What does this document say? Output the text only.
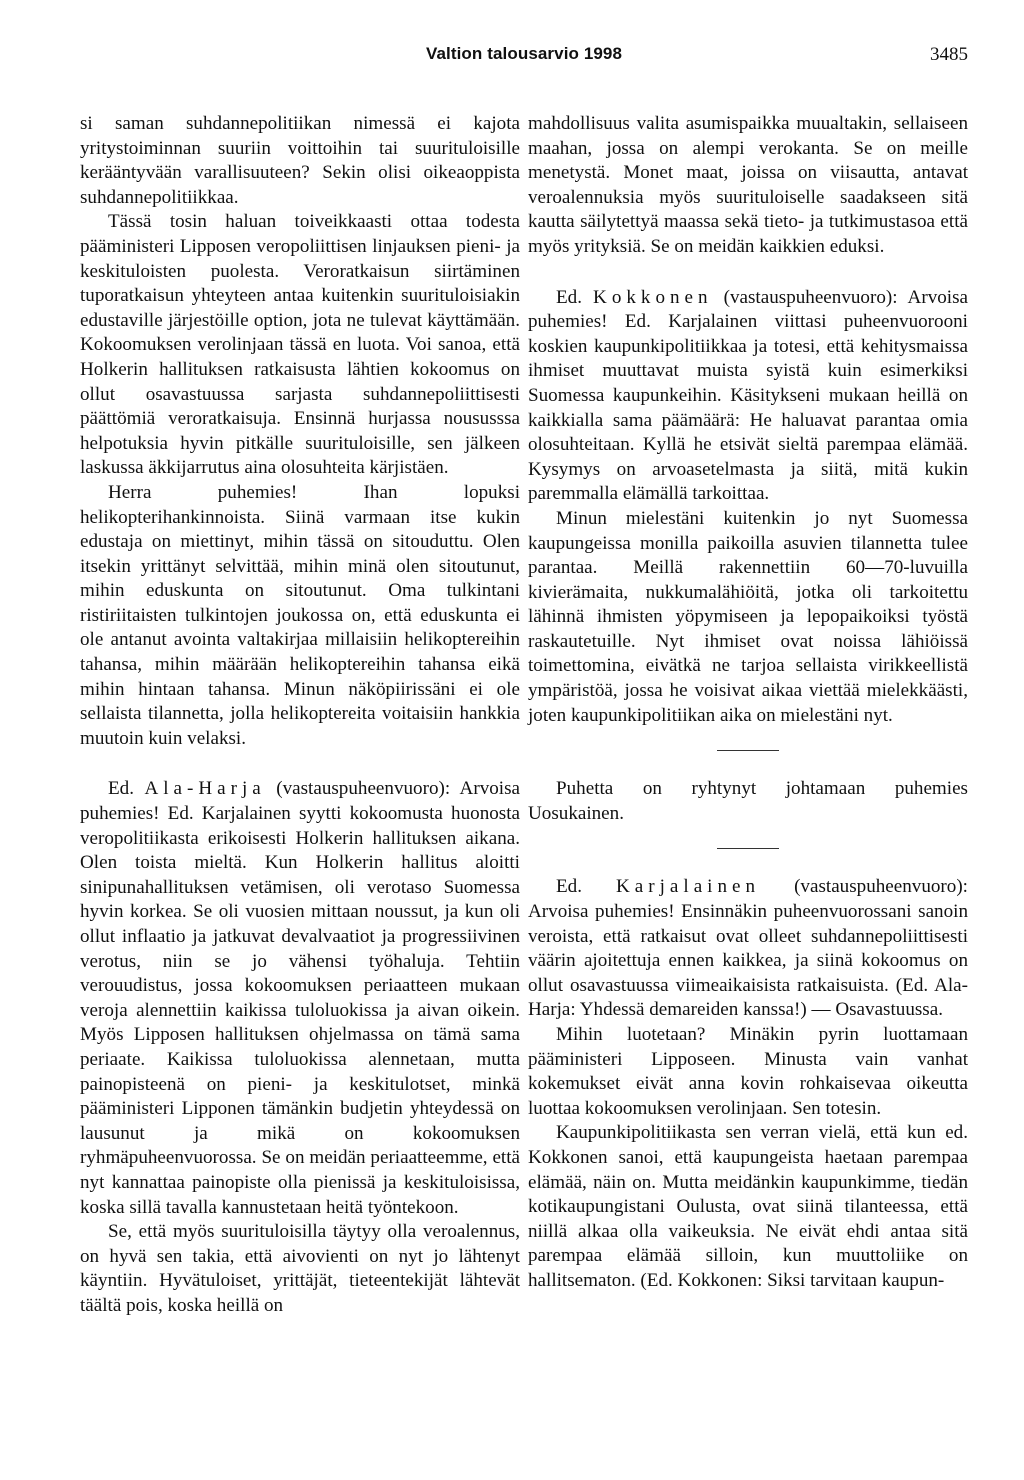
Valtion talousarvio 1998	3485

si saman suhdannepolitiikan nimessä ei kajota yritystoiminnan suuriin voittoihin tai suurituloisille kerääntyvään varallisuuteen? Sekin olisi oikeaoppista suhdannepolitiikkaa.

Tässä tosin haluan toiveikkaasti ottaa todesta pääministeri Lipposen veropoliittisen linjauksen pieni- ja keskituloisten puolesta. Veroratkaisun siirtäminen tuporatkaisun yhteyteen antaa kuitenkin suurituloisiakin edustaville järjestöille option, jota ne tulevat käyttämään. Kokoomuksen verolinjaan tässä en luota. Voi sanoa, että Holkerin hallituksen ratkaisusta lähtien kokoomus on ollut osavastuussa sarjasta suhdannepoliittisesti päättömiä veroratkaisuja. Ensinnä hurjassa noususssa helpotuksia hyvin pitkälle suurituloisille, sen jälkeen laskussa äkkijarrutus aina olosuhteita kärjistäen.

Herra puhemies! Ihan lopuksi helikopterihankinnoista. Siinä varmaan itse kukin edustaja on miettinyt, mihin tässä on sitouduttu. Olen itsekin yrittänyt selvittää, mihin minä olen sitoutunut, mihin eduskunta on sitoutunut. Oma tulkintani ristiriitaisten tulkintojen joukossa on, että eduskunta ei ole antanut avointa valtakirjaa millaisiin helikoptereihin tahansa, mihin määrään helikoptereihin tahansa eikä mihin hintaan tahansa. Minun näköpiirissäni ei ole sellaista tilannetta, jolla helikoptereita voitaisiin hankkia muutoin kuin velaksi.

Ed. Ala-Harja (vastauspuheenvuoro): Arvoisa puhemies! Ed. Karjalainen syytti kokoomusta huonosta veropolitiikasta erikoisesti Holkerin hallituksen aikana. Olen toista mieltä. Kun Holkerin hallitus aloitti sinipunahallituksen vetämisen, oli verotaso Suomessa hyvin korkea. Se oli vuosien mittaan noussut, ja kun oli ollut inflaatio ja jatkuvat devalvaatiot ja progressiivinen verotus, niin se jo vähensi työhaluja. Tehtiin verouudistus, jossa kokoomuksen periaatteen mukaan veroja alennettiin kaikissa tuloluokissa ja aivan oikein. Myös Lipposen hallituksen ohjelmassa on tämä sama periaate. Kaikissa tuloluokissa alennetaan, mutta painopisteenä on pieni- ja keskitulotset, minkä pääministeri Lipponen tämänkin budjetin yhteydessä on lausunut ja mikä on kokoomuksen ryhmäpuheenvuorossa. Se on meidän periaatteemme, että nyt kannattaa painopiste olla pienissä ja keskituloisissa, koska sillä tavalla kannustetaan heitä työntekoon.

Se, että myös suurituloisilla täytyy olla veroalennus, on hyvä sen takia, että aivovienti on nyt jo lähtenyt käyntiin. Hyvätuloiset, yrittäjät, tieteentekijät lähtevät täältä pois, koska heillä on

mahdollisuus valita asumispaikka muualtakin, sellaiseen maahan, jossa on alempi verokanta. Se on meille menetystä. Monet maat, joissa on viisautta, antavat veroalennuksia myös suurituloiselle saadakseen sitä kautta säilytettyä maassa sekä tieto- ja tutkimustasoa että myös yrityksiä. Se on meidän kaikkien eduksi.

Ed. Kokkonen (vastauspuheenvuoro): Arvoisa puhemies! Ed. Karjalainen viittasi puheenvuorooni koskien kaupunkipolitiikkaa ja totesi, että kehitysmaissa ihmiset muuttavat muista syistä kuin esimerkiksi Suomessa kaupunkeihin. Käsitykseni mukaan heillä on kaikkialla sama päämäärä: He haluavat parantaa omia olosuhteitaan. Kyllä he etsivät sieltä parempaa elämää. Kysymys on arvoasetelmasta ja siitä, mitä kukin paremmalla elämällä tarkoittaa.

Minun mielestäni kuitenkin jo nyt Suomessa kaupungeissa monilla paikoilla asuvien tilannetta tulee parantaa. Meillä rakennettiin 60—70-luvuilla kivierämaita, nukkumalähiöitä, jotka oli tarkoitettu lähinnä ihmisten yöpymiseen ja lepopaikoiksi työstä raskautetuille. Nyt ihmiset ovat noissa lähiöissä toimettomina, eivätkä ne tarjoa sellaista virikkeellistä ympäristöä, jossa he voisivat aikaa viettää mielekkäästi, joten kaupunkipolitiikan aika on mielestäni nyt.

Puhetta on ryhtynyt johtamaan puhemies Uosukainen.

Ed. Karjalainen (vastauspuheenvuoro): Arvoisa puhemies! Ensinnäkin puheenvuorossani sanoin veroista, että ratkaisut ovat olleet suhdannepoliittisesti väärin ajoitettuja ennen kaikkea, ja siinä kokoomus on ollut osavastuussa viimeaikaisista ratkaisuista. (Ed. Ala-Harja: Yhdessä demareiden kanssa!) — Osavastuussa.

Mihin luotetaan? Minäkin pyrin luottamaan pääministeri Lipposeen. Minusta vain vanhat kokemukset eivät anna kovin rohkaisevaa oikeutta luottaa kokoomuksen verolinjaan. Sen totesin.

Kaupunkipolitiikasta sen verran vielä, että kun ed. Kokkonen sanoi, että kaupungeista haetaan parempaa elämää, näin on. Mutta meidänkin kaupunkimme, tiedän kotikaupungistani Oulusta, ovat siinä tilanteessa, että niillä alkaa olla vaikeuksia. Ne eivät ehdi antaa sitä parempaa elämää silloin, kun muuttoliike on hallitsematon. (Ed. Kokkonen: Siksi tarvitaan kaupun-
